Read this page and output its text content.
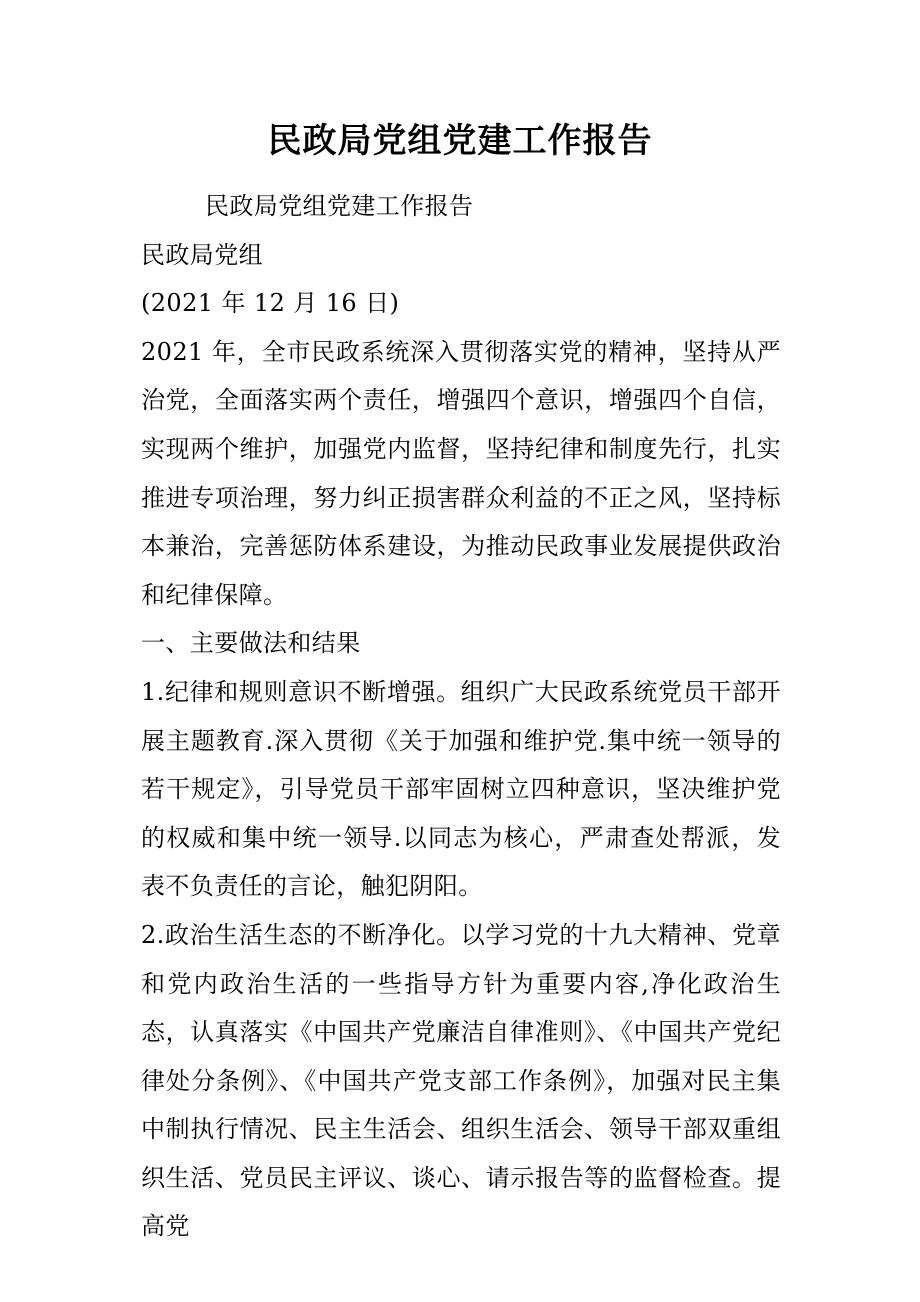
民政局党组党建工作报告

民政局党组党建工作报告

民政局党组

(2021 年 12 月 16 日)

2021 年，全市民政系统深入贯彻落实党的精神，坚持从严治党，全面落实两个责任，增强四个意识，增强四个自信，实现两个维护，加强党内监督，坚持纪律和制度先行，扎实推进专项治理，努力纠正损害群众利益的不正之风，坚持标本兼治，完善惩防体系建设，为推动民政事业发展提供政治和纪律保障。

一、主要做法和结果

1.纪律和规则意识不断增强。组织广大民政系统党员干部开展主题教育.深入贯彻《关于加强和维护党.集中统一领导的若干规定》，引导党员干部牢固树立四种意识，坚决维护党的权威和集中统一领导.以同志为核心，严肃查处帮派，发表不负责任的言论，触犯阴阳。

2.政治生活生态的不断净化。以学习党的十九大精神、党章和党内政治生活的一些指导方针为重要内容,净化政治生态，认真落实《中国共产党廉洁自律准则》、《中国共产党纪律处分条例》、《中国共产党支部工作条例》，加强对民主集中制执行情况、民主生活会、组织生活会、领导干部双重组织生活、党员民主评议、谈心、请示报告等的监督检查。提高党
